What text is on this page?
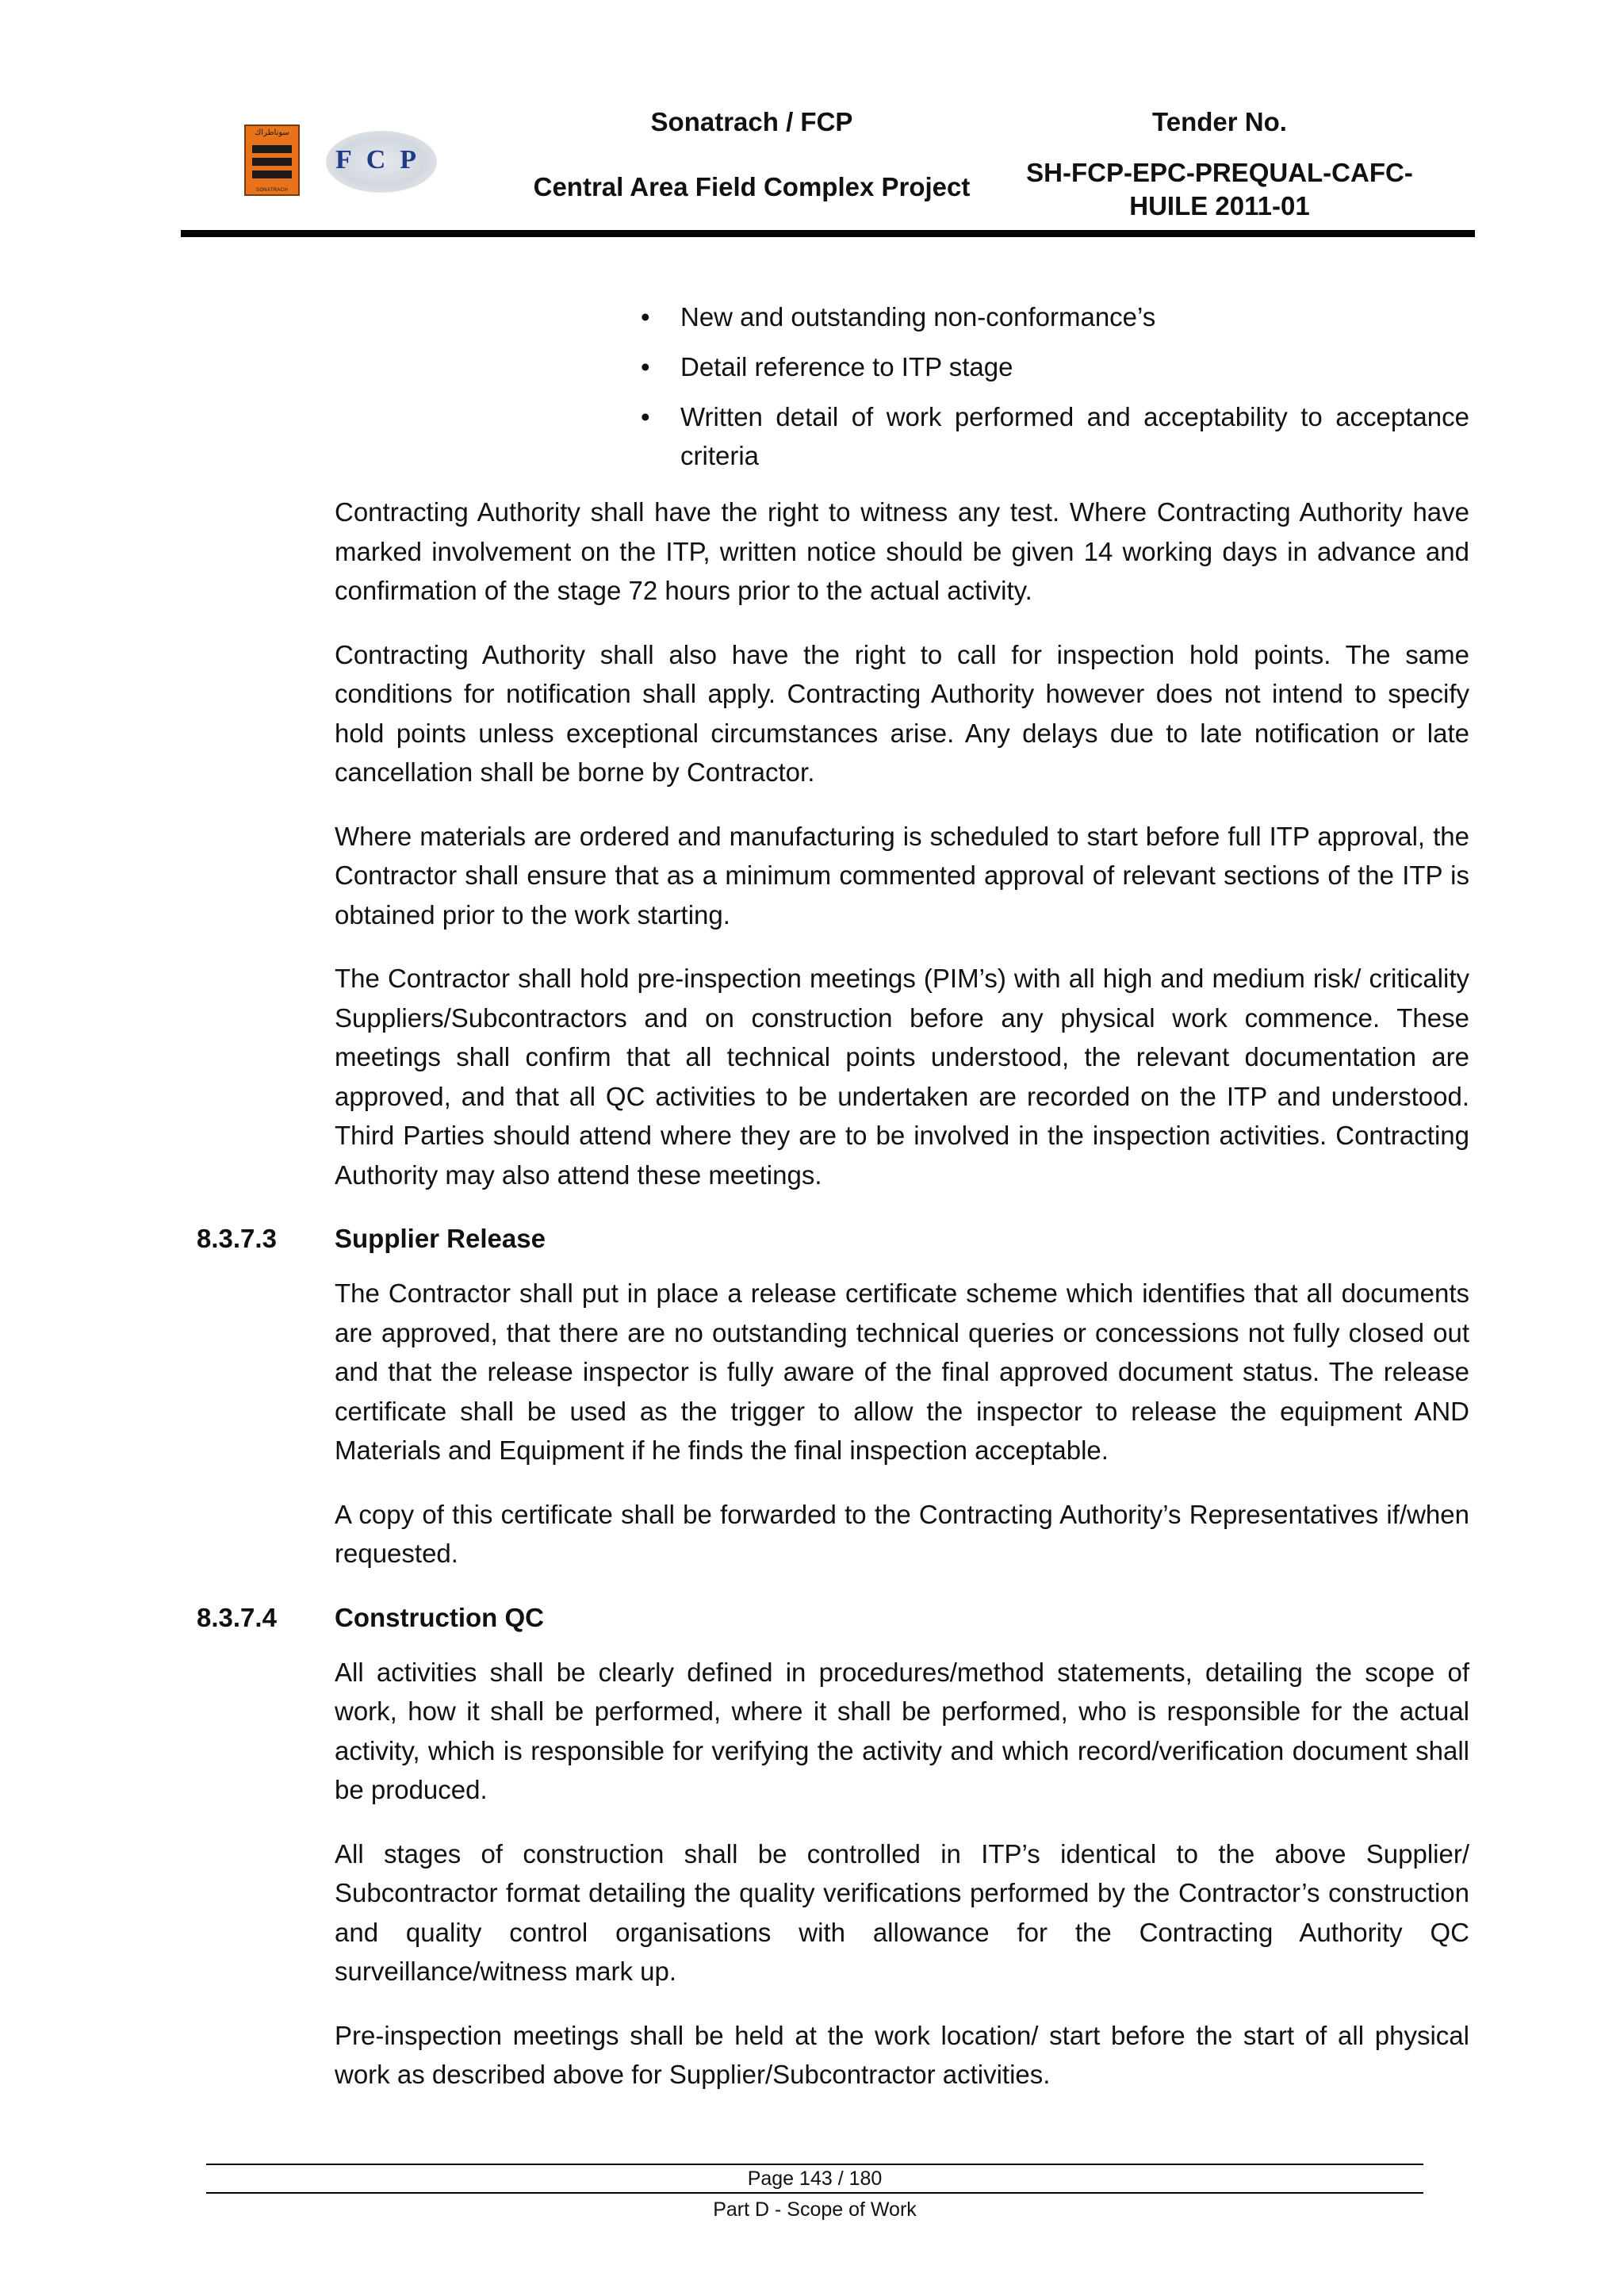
سوناطراك
SONATRACH
FCP
Sonatrach / FCP
Central Area Field Complex Project
Tender No.
SH-FCP-EPC-PREQUAL-CAFC-HUILE 2011-01
• New and outstanding non-conformance’s
• Detail reference to ITP stage
• Written detail of work performed and acceptability to acceptance criteria

Contracting Authority shall have the right to witness any test. Where Contracting Authority have marked involvement on the ITP, written notice should be given 14 working days in advance and confirmation of the stage 72 hours prior to the actual activity.

Contracting Authority shall also have the right to call for inspection hold points. The same conditions for notification shall apply. Contracting Authority however does not intend to specify hold points unless exceptional circumstances arise. Any delays due to late notification or late cancellation shall be borne by Contractor.

Where materials are ordered and manufacturing is scheduled to start before full ITP approval, the Contractor shall ensure that as a minimum commented approval of relevant sections of the ITP is obtained prior to the work starting.

The Contractor shall hold pre-inspection meetings (PIM’s) with all high and medium risk/ criticality Suppliers/Subcontractors and on construction before any physical work commence. These meetings shall confirm that all technical points understood, the relevant documentation are approved, and that all QC activities to be undertaken are recorded on the ITP and understood. Third Parties should attend where they are to be involved in the inspection activities. Contracting Authority may also attend these meetings.

8.3.7.3	Supplier Release

The Contractor shall put in place a release certificate scheme which identifies that all documents are approved, that there are no outstanding technical queries or concessions not fully closed out and that the release inspector is fully aware of the final approved document status. The release certificate shall be used as the trigger to allow the inspector to release the equipment AND Materials and Equipment if he finds the final inspection acceptable.

A copy of this certificate shall be forwarded to the Contracting Authority’s Representatives if/when requested.

8.3.7.4	Construction QC

All activities shall be clearly defined in procedures/method statements, detailing the scope of work, how it shall be performed, where it shall be performed, who is responsible for the actual activity, which is responsible for verifying the activity and which record/verification document shall be produced.

All stages of construction shall be controlled in ITP’s identical to the above Supplier/ Subcontractor format detailing the quality verifications performed by the Contractor’s construction and quality control organisations with allowance for the Contracting Authority QC surveillance/witness mark up.

Pre-inspection meetings shall be held at the work location/ start before the start of all physical work as described above for Supplier/Subcontractor activities.

Page 143 / 180
Part D - Scope of Work
